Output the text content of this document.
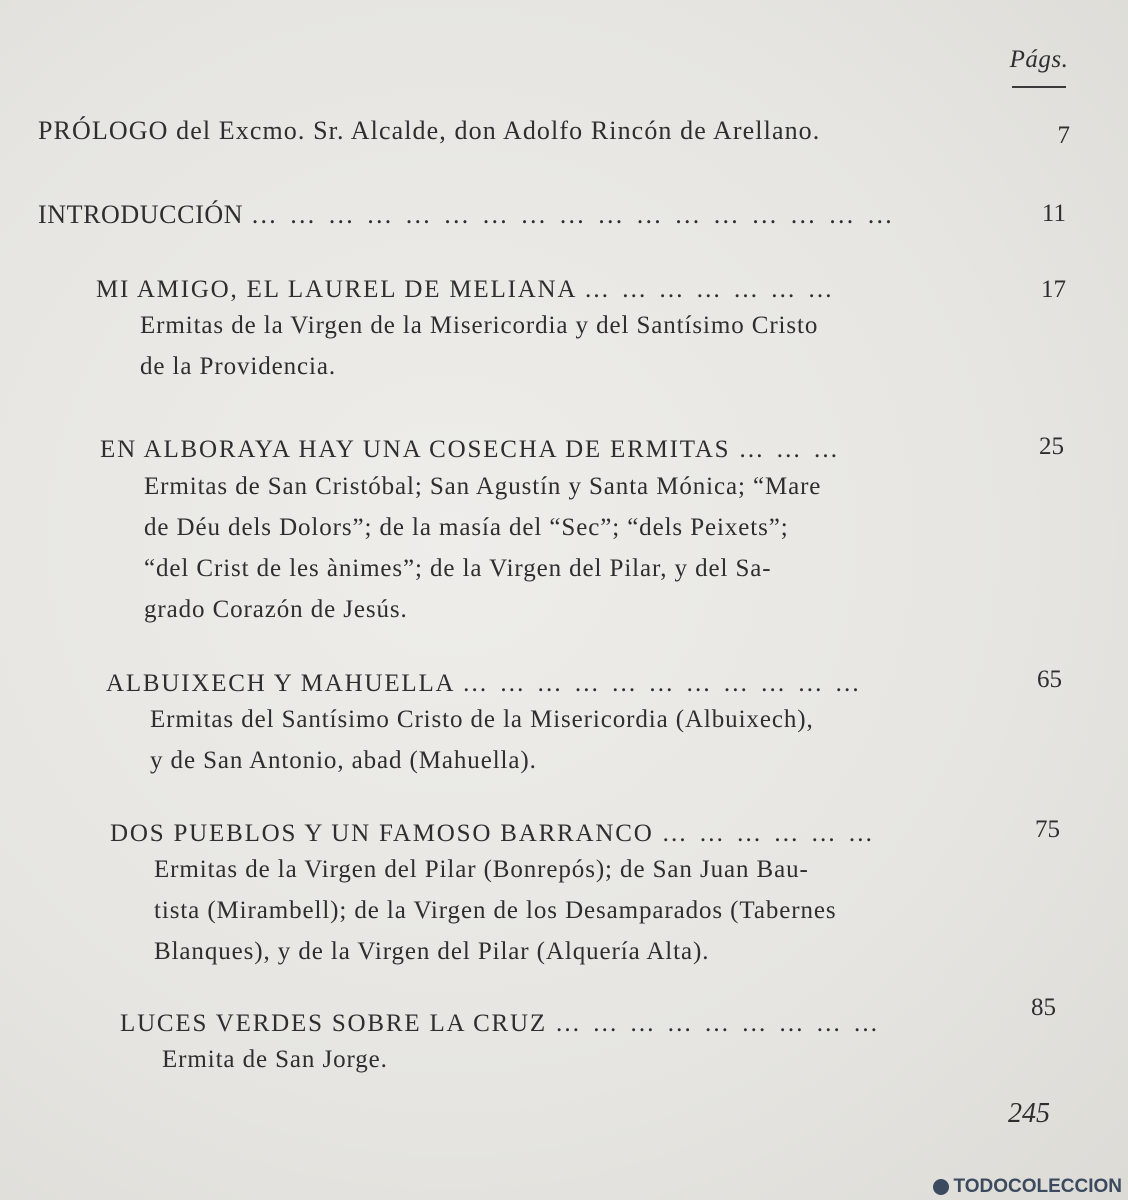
Págs.
PRÓLOGO del Excmo. Sr. Alcalde, don Adolfo Rincón de Arellano.	7
INTRODUCCIÓN … … … … … … … … … … … … … … … … …	11
MI AMIGO, EL LAUREL DE MELIANA … … … … … … …
Ermitas de la Virgen de la Misericordia y del Santísimo Cristo
de la Providencia.
17
EN ALBORAYA HAY UNA COSECHA DE ERMITAS … … …
Ermitas de San Cristóbal; San Agustín y Santa Mónica; “Mare
de Déu dels Dolors”; de la masía del “Sec”; “dels Peixets”;
“del Crist de les ànimes”; de la Virgen del Pilar, y del Sa-
grado Corazón de Jesús.
25
ALBUIXECH Y MAHUELLA … … … … … … … … … … …
Ermitas del Santísimo Cristo de la Misericordia (Albuixech),
y de San Antonio, abad (Mahuella).
65
DOS PUEBLOS Y UN FAMOSO BARRANCO … … … … … …
Ermitas de la Virgen del Pilar (Bonrepós); de San Juan Bau-
tista (Mirambell); de la Virgen de los Desamparados (Tabernes
Blanques), y de la Virgen del Pilar (Alquería Alta).
75
LUCES VERDES SOBRE LA CRUZ … … … … … … … … …
Ermita de San Jorge.
85
245
TODOCOLECCION
